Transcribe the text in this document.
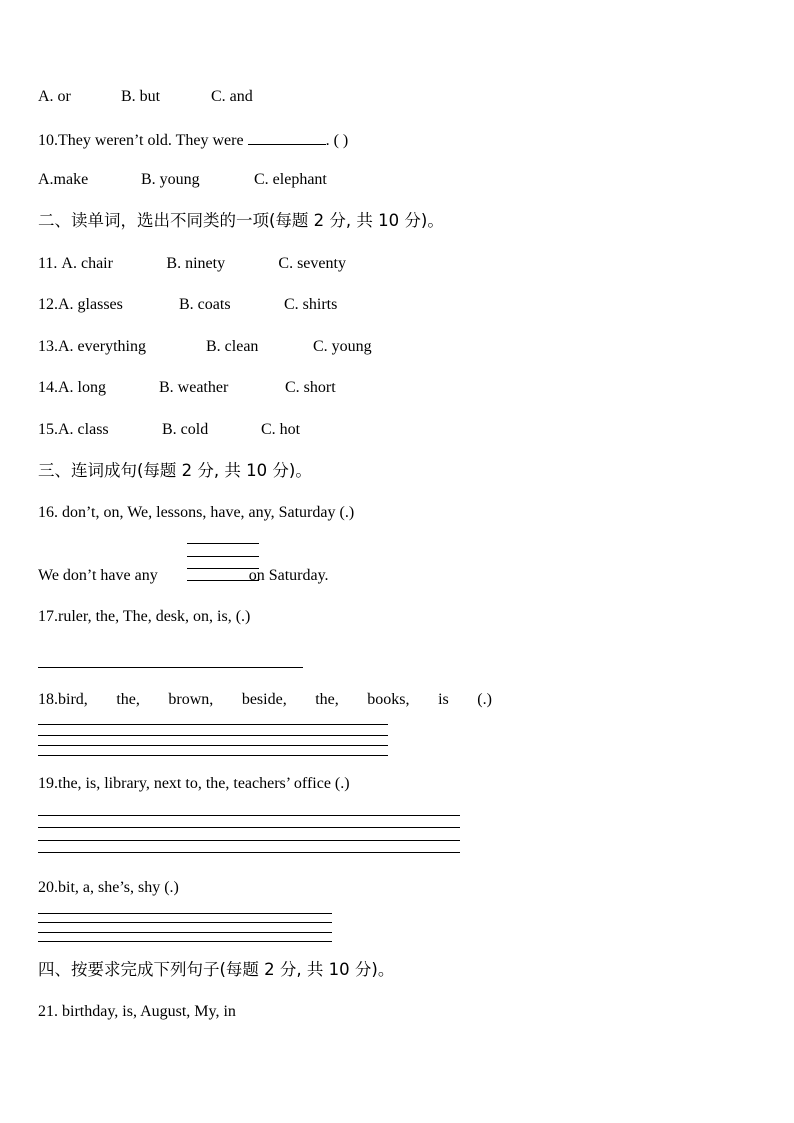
A. or	B. but	C. and
10.They weren’t old. They were	. ( )
A.make	B. young	C. elephant
二、读单词，选出不同类的一项(每题 2 分, 共 10 分)。
11. A. chair	B. ninety	C. seventy
12.A. glasses	B. coats	C. shirts
13.A. everything	B. clean	C. young
14.A. long	B. weather	C. short
15.A. class	B. cold	C. hot
三、连词成句(每题 2 分, 共 10 分)。
16. don’t, on, We, lessons, have, any, Saturday (.)
We don’t have any	on Saturday.
17.ruler, the, The, desk, on, is, (.)
18.bird, the, brown, beside, the, books, is (.)
19.the, is, library, next to, the, teachers’ office (.)
20.bit, a, she’s, shy (.)
四、按要求完成下列句子(每题 2 分, 共 10 分)。
21. birthday, is, August, My, in
